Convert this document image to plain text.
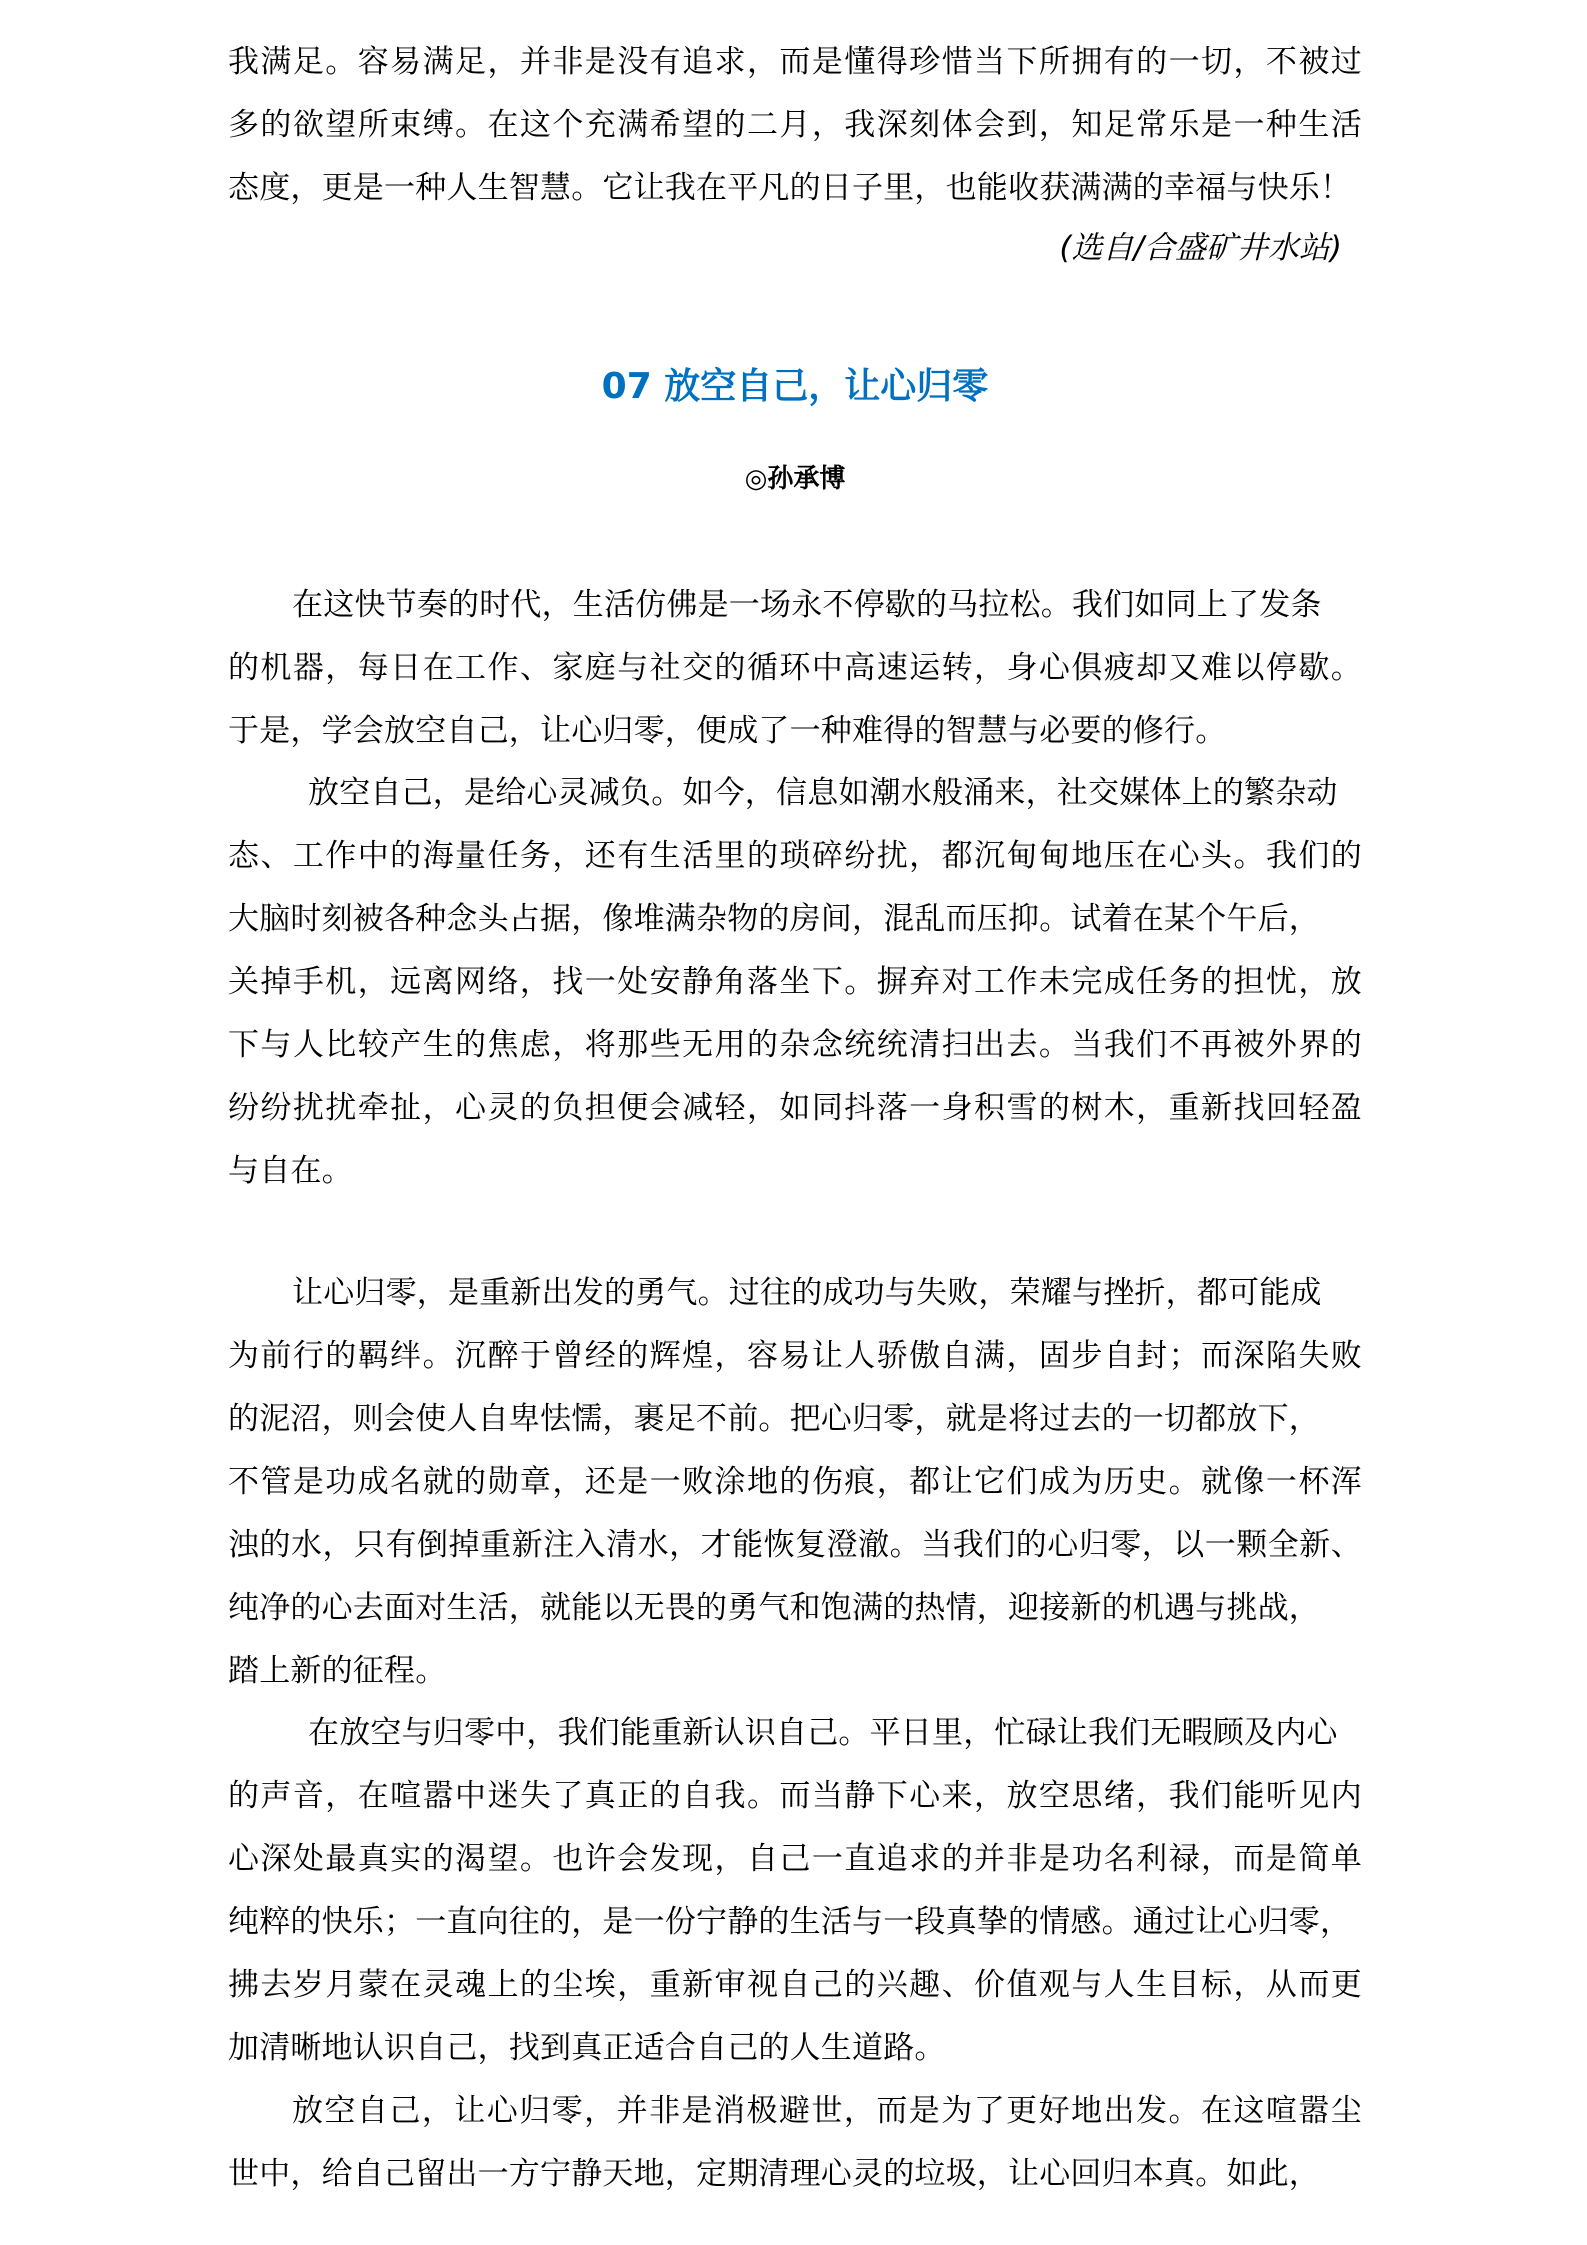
我满足。容易满足，并非是没有追求，而是懂得珍惜当下所拥有的一切，不被过
多的欲望所束缚。在这个充满希望的二月，我深刻体会到，知足常乐是一种生活
态度，更是一种人生智慧。它让我在平凡的日子里，也能收获满满的幸福与快乐！
(选自/合盛矿井水站)
07 放空自己，让心归零
◎孙承博
在这快节奏的时代，生活仿佛是一场永不停歇的马拉松。我们如同上了发条
的机器，每日在工作、家庭与社交的循环中高速运转，身心俱疲却又难以停歇。
于是，学会放空自己，让心归零，便成了一种难得的智慧与必要的修行。
放空自己，是给心灵减负。如今，信息如潮水般涌来，社交媒体上的繁杂动
态、工作中的海量任务，还有生活里的琐碎纷扰，都沉甸甸地压在心头。我们的
大脑时刻被各种念头占据，像堆满杂物的房间，混乱而压抑。试着在某个午后，
关掉手机，远离网络，找一处安静角落坐下。摒弃对工作未完成任务的担忧，放
下与人比较产生的焦虑，将那些无用的杂念统统清扫出去。当我们不再被外界的
纷纷扰扰牵扯，心灵的负担便会减轻，如同抖落一身积雪的树木，重新找回轻盈
与自在。
让心归零，是重新出发的勇气。过往的成功与失败，荣耀与挫折，都可能成
为前行的羁绊。沉醉于曾经的辉煌，容易让人骄傲自满，固步自封；而深陷失败
的泥沼，则会使人自卑怯懦，裹足不前。把心归零，就是将过去的一切都放下，
不管是功成名就的勋章，还是一败涂地的伤痕，都让它们成为历史。就像一杯浑
浊的水，只有倒掉重新注入清水，才能恢复澄澈。当我们的心归零，以一颗全新、
纯净的心去面对生活，就能以无畏的勇气和饱满的热情，迎接新的机遇与挑战，
踏上新的征程。
在放空与归零中，我们能重新认识自己。平日里，忙碌让我们无暇顾及内心
的声音，在喧嚣中迷失了真正的自我。而当静下心来，放空思绪，我们能听见内
心深处最真实的渴望。也许会发现，自己一直追求的并非是功名利禄，而是简单
纯粹的快乐；一直向往的，是一份宁静的生活与一段真挚的情感。通过让心归零，
拂去岁月蒙在灵魂上的尘埃，重新审视自己的兴趣、价值观与人生目标，从而更
加清晰地认识自己，找到真正适合自己的人生道路。
放空自己，让心归零，并非是消极避世，而是为了更好地出发。在这喧嚣尘
世中，给自己留出一方宁静天地，定期清理心灵的垃圾，让心回归本真。如此，
